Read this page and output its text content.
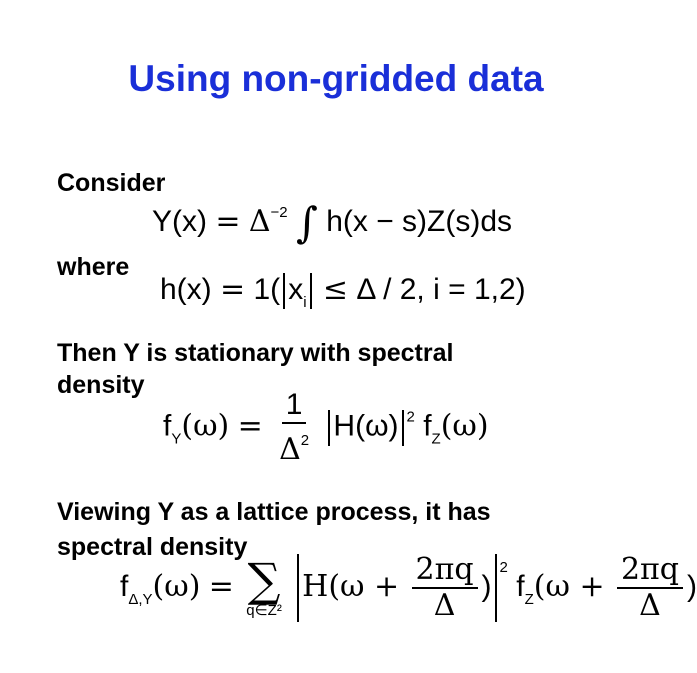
Using non-gridded data
Consider
$Y(x) = \Delta^{-2}$ ∫ h(x − s)Z(s)ds
where
h(x) = 1( $x_i \le \Delta / 2$, i = 1,2)
Then Y is stationary with spectral
density
$f_Y(\omega) = \frac{1}{\Delta^2} H(\omega)$ $^2$ $f_Z(\omega)$
Viewing Y as a lattice process, it has
spectral density
$f_{\Delta,Y}(\omega)$ = ∑
q∈Z²
$H(\omega + \frac{2\pi q}{\Delta} )^2$ $f_Z(\omega + \frac{2\pi q}{\Delta}$ )
